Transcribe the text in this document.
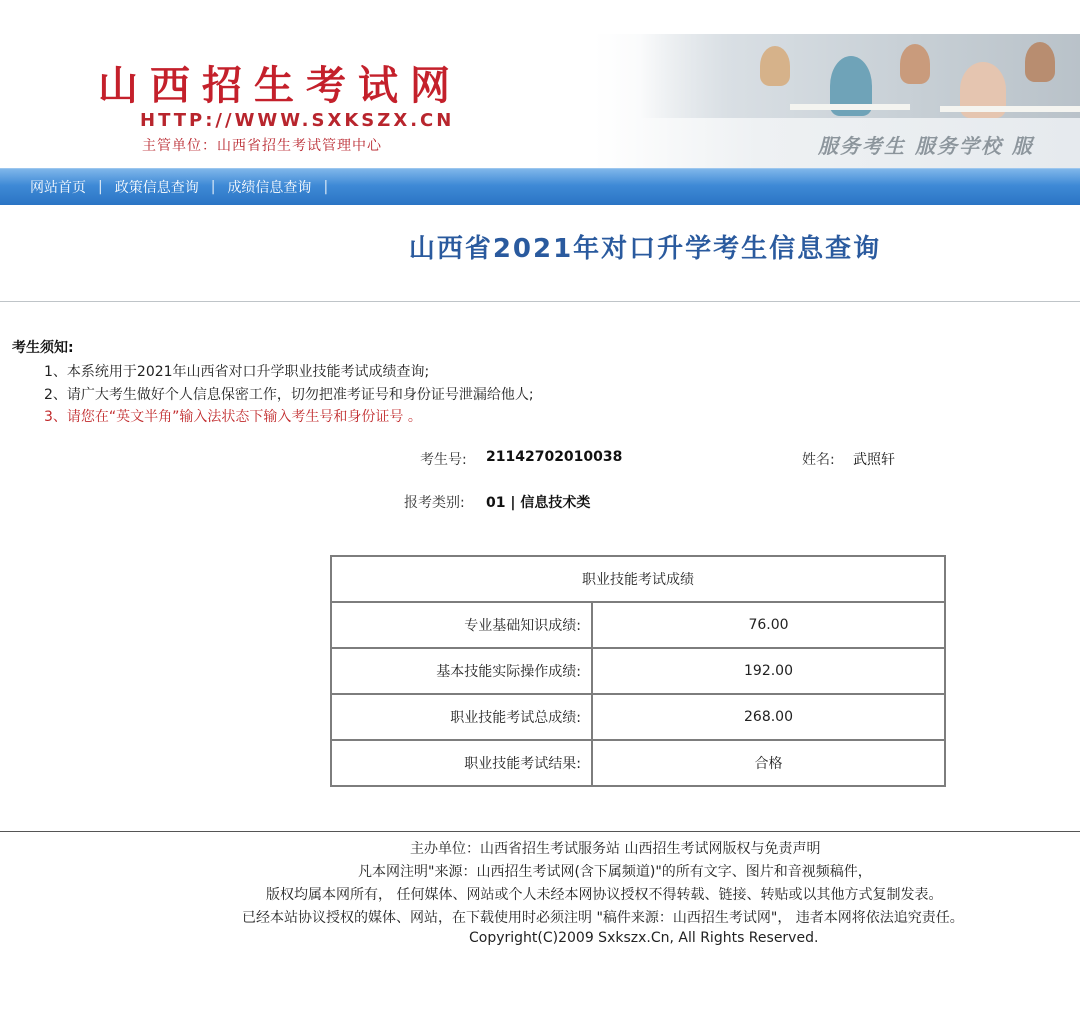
山西招生考试网
HTTP://WWW.SXKSZX.CN
主管单位：山西省招生考试管理中心	服务考生 服务学校 服
网站首页 | 政策信息查询 | 成绩信息查询 |
山西省2021年对口升学考生信息查询
考生须知:
1、本系统用于2021年山西省对口升学职业技能考试成绩查询;
2、请广大考生做好个人信息保密工作，切勿把准考证号和身份证号泄漏给他人;
3、请您在“英文半角”输入法状态下输入考生号和身份证号 。
考生号: 21142702010038	姓名: 武照轩
报考类别: 01 | 信息技术类
职业技能考试成绩	
专业基础知识成绩:	76.00
基本技能实际操作成绩:	192.00
职业技能考试总成绩:	268.00
职业技能考试结果:	合格
主办单位：山西省招生考试服务站 山西招生考试网版权与免责声明
凡本网注明"来源：山西招生考试网(含下属频道)"的所有文字、图片和音视频稿件，
版权均属本网所有， 任何媒体、网站或个人未经本网协议授权不得转载、链接、转贴或以其他方式复制发表。
已经本站协议授权的媒体、网站，在下载使用时必须注明 "稿件来源：山西招生考试网"， 违者本网将依法追究责任。
Copyright(C)2009 Sxkszx.Cn, All Rights Reserved.
